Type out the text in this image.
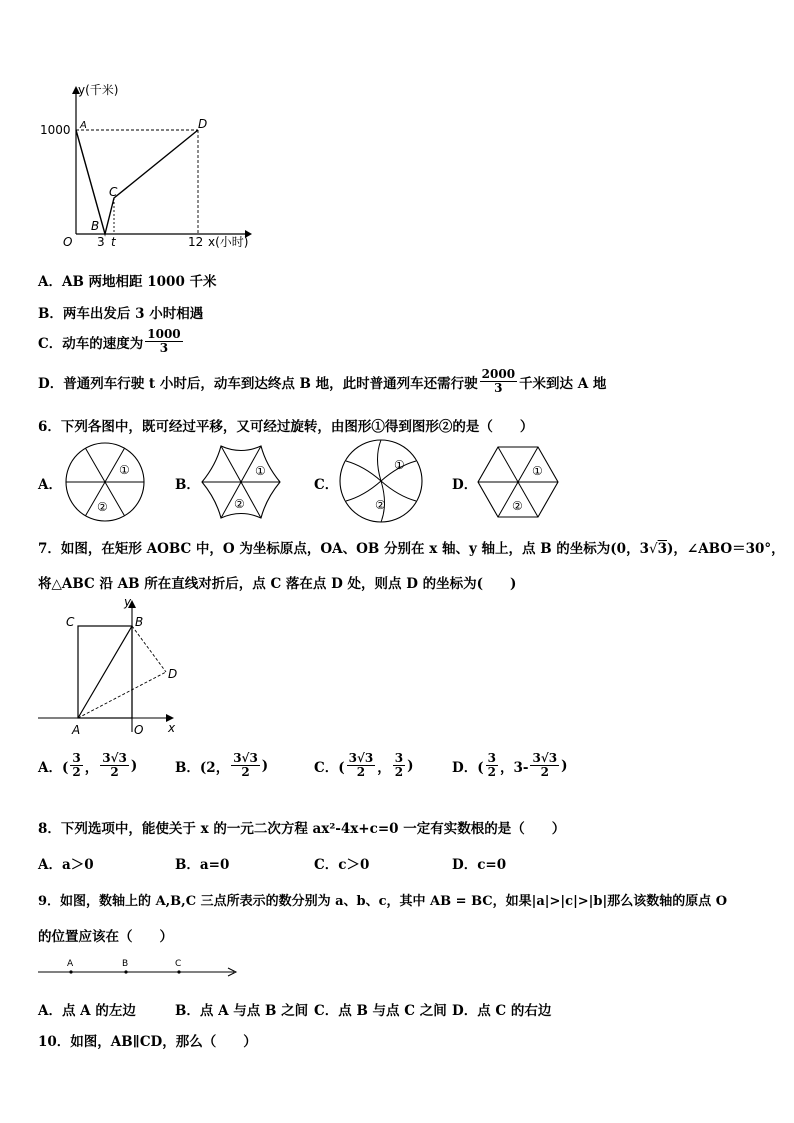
y(千米)
1000
O 3 t	12 x(小时)
A
B
C
D
A．AB 两地相距 1000 千米
B．两车出发后 3 小时相遇
C．动车的速度为 $\frac{1000}{3}$
D．普通列车行驶 t 小时后，动车到达终点 B 地，此时普通列车还需行驶 $\frac{2000}{3}$ 千米到达 A 地
6．下列各图中，既可经过平移，又可经过旋转，由图形①得到图形②的是（　　）
A．
①
②
B．
①
②
C．
①
②
D．
①
②
7．如图，在矩形 AOBC 中，O 为坐标原点，OA、OB 分别在 x 轴、y 轴上，点 B 的坐标为(0，3√3)，∠ABO＝30°，
将△ABC 沿 AB 所在直线对折后，点 C 落在点 D 处，则点 D 的坐标为(　　)
C	B
D
A	O x
y
A．( $\frac{3}{2}$ ， $\frac{3√3}{2}$ )	B．(2， $\frac{3√3}{2}$ )	C．( $\frac{3√3}{2}$ ， $\frac{3}{2}$ )	D．( $\frac{3}{2}$ ，$3- \frac{3√3}{2}$ )
8．下列选项中，能使关于 x 的一元二次方程 ax²-4x+c=0 一定有实数根的是（　　）
A．a＞0	B．a=0	C．c＞0	D．c=0
9．如图，数轴上的 A,B,C 三点所表示的数分别为 a、b、c，其中 AB = BC，如果|a|>|c|>|b|那么该数轴的原点 O
的位置应该在（　　）
A	B	C
A．点 A 的左边	B．点 A 与点 B 之间 C．点 B 与点 C 之间 D．点 C 的右边
10．如图，AB∥CD，那么（　　）
